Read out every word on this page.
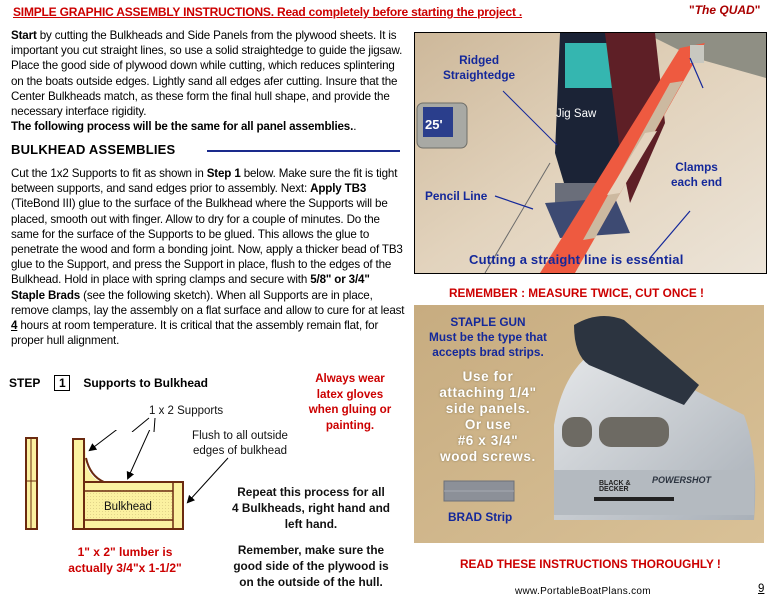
SIMPLE GRAPHIC ASSEMBLY INSTRUCTIONS. Read completely before starting the project .	"The QUAD"
Start by cutting the Bulkheads and Side Panels from the plywood sheets. It is important you cut straight lines, so use a solid straightedge to guide the jigsaw. Place the good side of plywood down while cutting, which reduces splintering on the boats outside edges. Lightly sand all edges afer cutting. Insure that the Center Bulkheads match, as these form the final hull shape, and provide the necessary interface rigidity.
The following process will be the same for all panel assemblies..
BULKHEAD ASSEMBLIES
Cut the 1x2 Supports to fit as shown in Step 1 below. Make sure the fit is tight between supports, and sand edges prior to assembly. Next: Apply TB3 (TiteBond III) glue to the surface of the Bulkhead where the Supports will be placed, smooth out with finger. Allow to dry for a couple of minutes. Do the same for the surface of the Supports to be glued. This allows the glue to penetrate the wood and form a bonding joint. Now, apply a thicker bead of TB3 glue to the Support, and press the Support in place, flush to the edges of the Bulkhead. Hold in place with spring clamps and secure with 5/8" or 3/4" Staple Brads (see the following sketch). When all Supports are in place, remove clamps, lay the assembly on a flat surface and allow to cure for at least 4 hours at room temperature. It is critical that the assembly remain flat, for proper hull alignment.
STEP	1	Supports to Bulkhead	Always wear
latex gloves
when gluing or
painting.
1 x 2 Supports
Flush to all outside
edges of bulkhead
Bulkhead
1" x 2" lumber is
actually 3/4"x 1-1/2"
Repeat this process for all
4 Bulkheads, right hand and
left hand.
Remember, make sure the
good side of the plywood is
on the outside of the hull.
25'
Ridged
Straightedge
Jig Saw
Clamps
each end
Pencil Line
Cutting a straight line is essential
REMEMBER : MEASURE TWICE, CUT ONCE !
BLACK & POWERSHOT
DECKER
STAPLE GUN
Must be the type that
accepts brad strips.
Use for
attaching 1/4"
side panels.
Or use
#6 x 3/4"
wood screws.
BRAD Strip
READ THESE INSTRUCTIONS THOROUGHLY !
www.PortableBoatPlans.com	9
